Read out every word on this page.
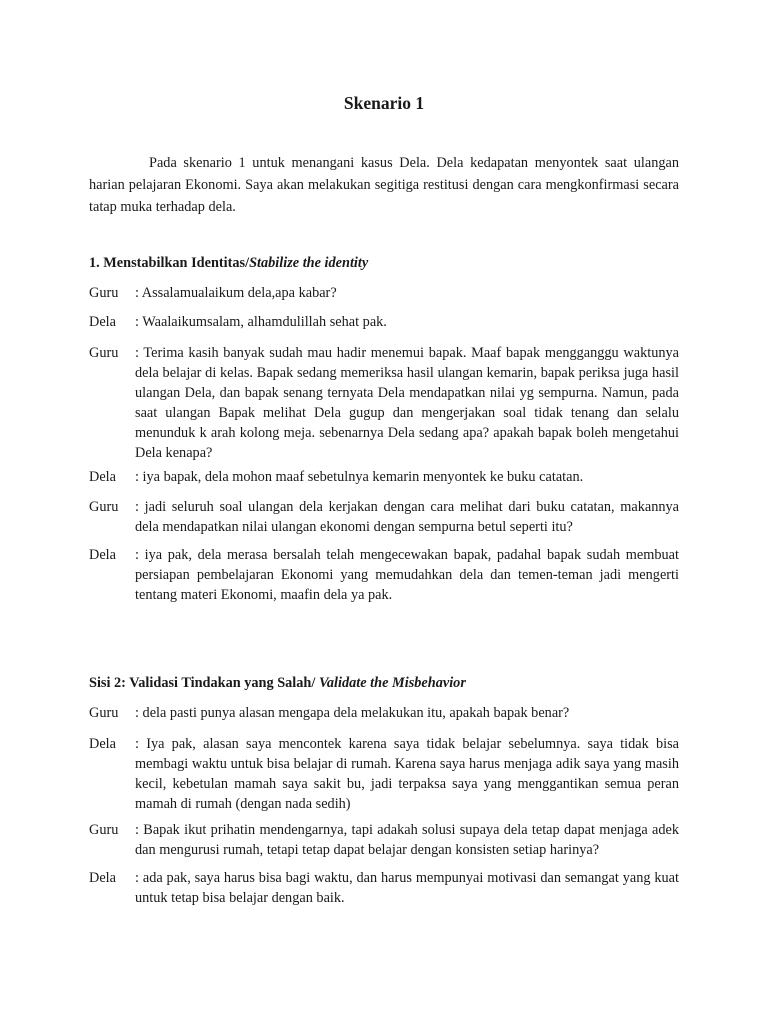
Skenario 1

Pada skenario 1 untuk menangani kasus Dela. Dela kedapatan menyontek saat ulangan harian pelajaran Ekonomi. Saya akan melakukan segitiga restitusi dengan cara mengkonfirmasi secara tatap muka terhadap dela.

1. Menstabilkan Identitas/Stabilize the identity

Guru	: Assalamualaikum dela,apa kabar?
Dela	: Waalaikumsalam, alhamdulillah sehat pak.
Guru	: Terima kasih banyak sudah mau hadir menemui bapak. Maaf bapak mengganggu waktunya dela belajar di kelas. Bapak sedang memeriksa hasil ulangan kemarin, bapak periksa juga hasil ulangan Dela, dan bapak senang ternyata Dela mendapatkan nilai yg sempurna. Namun, pada saat ulangan Bapak melihat Dela gugup dan mengerjakan soal tidak tenang dan selalu menunduk k arah kolong meja. sebenarnya Dela sedang apa? apakah bapak boleh mengetahui Dela kenapa?
Dela	: iya bapak, dela mohon maaf sebetulnya kemarin menyontek ke buku catatan.
Guru	: jadi seluruh soal ulangan dela kerjakan dengan cara melihat dari buku catatan, makannya dela mendapatkan nilai ulangan ekonomi dengan sempurna betul seperti itu?
Dela	: iya pak, dela merasa bersalah telah mengecewakan bapak, padahal bapak sudah membuat persiapan pembelajaran Ekonomi yang memudahkan dela dan temen-teman jadi mengerti tentang materi Ekonomi, maafin dela ya pak.

Sisi 2: Validasi Tindakan yang Salah/ Validate the Misbehavior

Guru	: dela pasti punya alasan mengapa dela melakukan itu, apakah bapak benar?
Dela	: Iya pak, alasan saya mencontek karena saya tidak belajar sebelumnya. saya tidak bisa membagi waktu untuk bisa belajar di rumah. Karena saya harus menjaga adik saya yang masih kecil, kebetulan mamah saya sakit bu, jadi terpaksa saya yang menggantikan semua peran mamah di rumah (dengan nada sedih)
Guru	: Bapak ikut prihatin mendengarnya, tapi adakah solusi supaya dela tetap dapat menjaga adek dan mengurusi rumah, tetapi tetap dapat belajar dengan konsisten setiap harinya?
Dela	: ada pak, saya harus bisa bagi waktu, dan harus mempunyai motivasi dan semangat yang kuat untuk tetap bisa belajar dengan baik.
